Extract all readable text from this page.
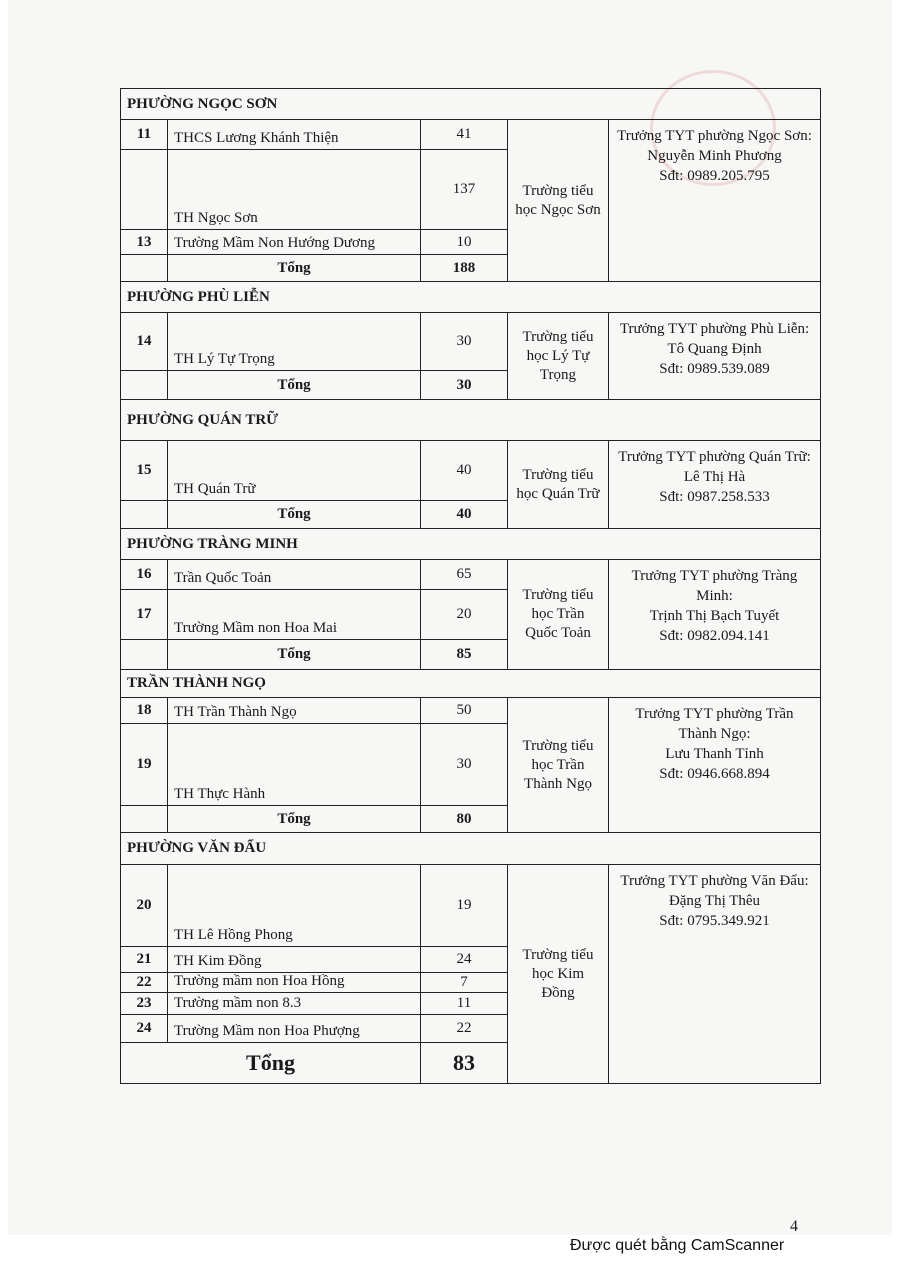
PHƯỜNG NGỌC SƠN				
11	THCS Lương Khánh Thiện	41	Trường tiểu học Ngọc Sơn	Trưởng TYT phường Ngọc Sơn:
Nguyễn Minh Phương
Sđt: 0989.205.795

	TH Ngọc Sơn	137		
13	Trường Mầm Non Hướng Dương	10		
	Tổng	188		
PHƯỜNG PHÙ LIỄN				
14	TH Lý Tự Trọng	30	Trường tiểu học Lý Tự Trọng	Trưởng TYT phường Phù Liễn:
Tô Quang Định
Sđt: 0989.539.089

	Tổng	30		
PHƯỜNG QUÁN TRỮ				
15	TH Quán Trữ	40	Trường tiểu học Quán Trữ	Trưởng TYT phường Quán Trữ:
Lê Thị Hà
Sđt: 0987.258.533

	Tổng	40		
PHƯỜNG TRÀNG MINH				
16	Trần Quốc Toản	65	Trường tiểu học Trần Quốc Toản	Trưởng TYT phường Tràng Minh:
Trịnh Thị Bạch Tuyết
Sđt: 0982.094.141

17	Trường Mầm non Hoa Mai	20		
	Tổng	85		
TRẦN THÀNH NGỌ				
18	TH Trần Thành Ngọ	50	Trường tiểu học Trần Thành Ngọ	Trưởng TYT phường Trần Thành Ngọ:
Lưu Thanh Tỉnh
Sđt: 0946.668.894

19	TH Thực Hành	30		
	Tổng	80		
PHƯỜNG VĂN ĐẨU				
20	TH Lê Hồng Phong	19	Trường tiểu học Kim Đồng	Trưởng TYT phường Văn Đẩu:
Đặng Thị Thêu
Sđt: 0795.349.921

21	TH Kim Đồng	24		
22	Trường mầm non Hoa Hồng	7		
23	Trường mầm non 8.3	11		
24	Trường Mầm non Hoa Phượng	22		
Tổng		83		
4
Được quét bằng CamScanner
